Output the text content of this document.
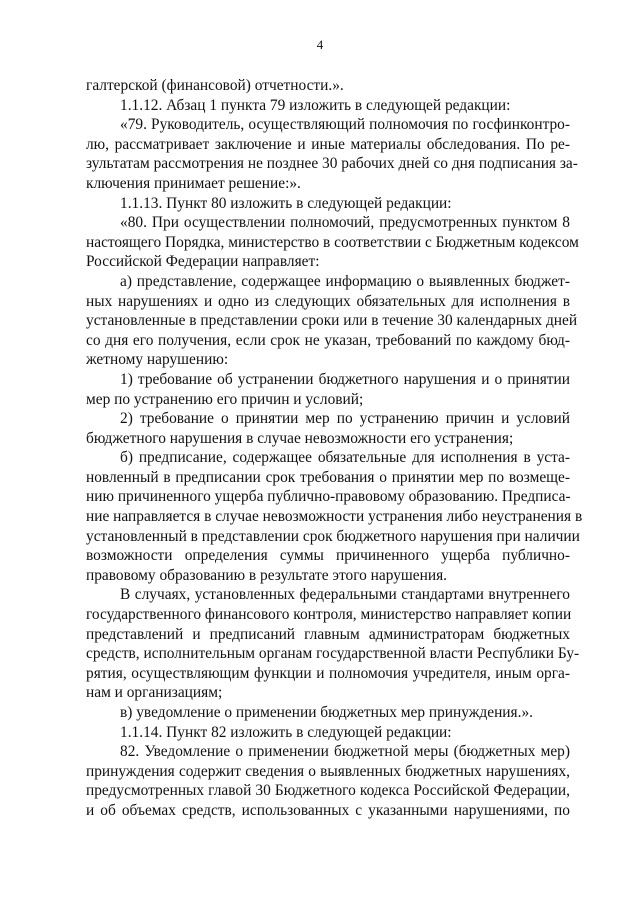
4
галтерской (финансовой) отчетности.».
1.1.12. Абзац 1 пункта 79 изложить в следующей редакции:
«79. Руководитель, осуществляющий полномочия по госфинконтро-
лю, рассматривает заключение и иные материалы обследования. По ре-
зультатам рассмотрения не позднее 30 рабочих дней со дня подписания за-
ключения принимает решение:».
1.1.13. Пункт 80 изложить в следующей редакции:
«80. При осуществлении полномочий, предусмотренных пунктом 8
настоящего Порядка, министерство в соответствии с Бюджетным кодексом
Российской Федерации направляет:
а) представление, содержащее информацию о выявленных бюджет-
ных нарушениях и одно из следующих обязательных для исполнения в
установленные в представлении сроки или в течение 30 календарных дней
со дня его получения, если срок не указан, требований по каждому бюд-
жетному нарушению:
1) требование об устранении бюджетного нарушения и о принятии
мер по устранению его причин и условий;
2) требование о принятии мер по устранению причин и условий
бюджетного нарушения в случае невозможности его устранения;
б) предписание, содержащее обязательные для исполнения в уста-
новленный в предписании срок требования о принятии мер по возмеще-
нию причиненного ущерба публично-правовому образованию. Предписа-
ние направляется в случае невозможности устранения либо неустранения в
установленный в представлении срок бюджетного нарушения при наличии
возможности определения суммы причиненного ущерба публично-
правовому образованию в результате этого нарушения.
В случаях, установленных федеральными стандартами внутреннего
государственного финансового контроля, министерство направляет копии
представлений и предписаний главным администраторам бюджетных
средств, исполнительным органам государственной власти Республики Бу-
рятия, осуществляющим функции и полномочия учредителя, иным орга-
нам и организациям;
в) уведомление о применении бюджетных мер принуждения.».
1.1.14. Пункт 82 изложить в следующей редакции:
82. Уведомление о применении бюджетной меры (бюджетных мер)
принуждения содержит сведения о выявленных бюджетных нарушениях,
предусмотренных главой 30 Бюджетного кодекса Российской Федерации,
и об объемах средств, использованных с указанными нарушениями, по
